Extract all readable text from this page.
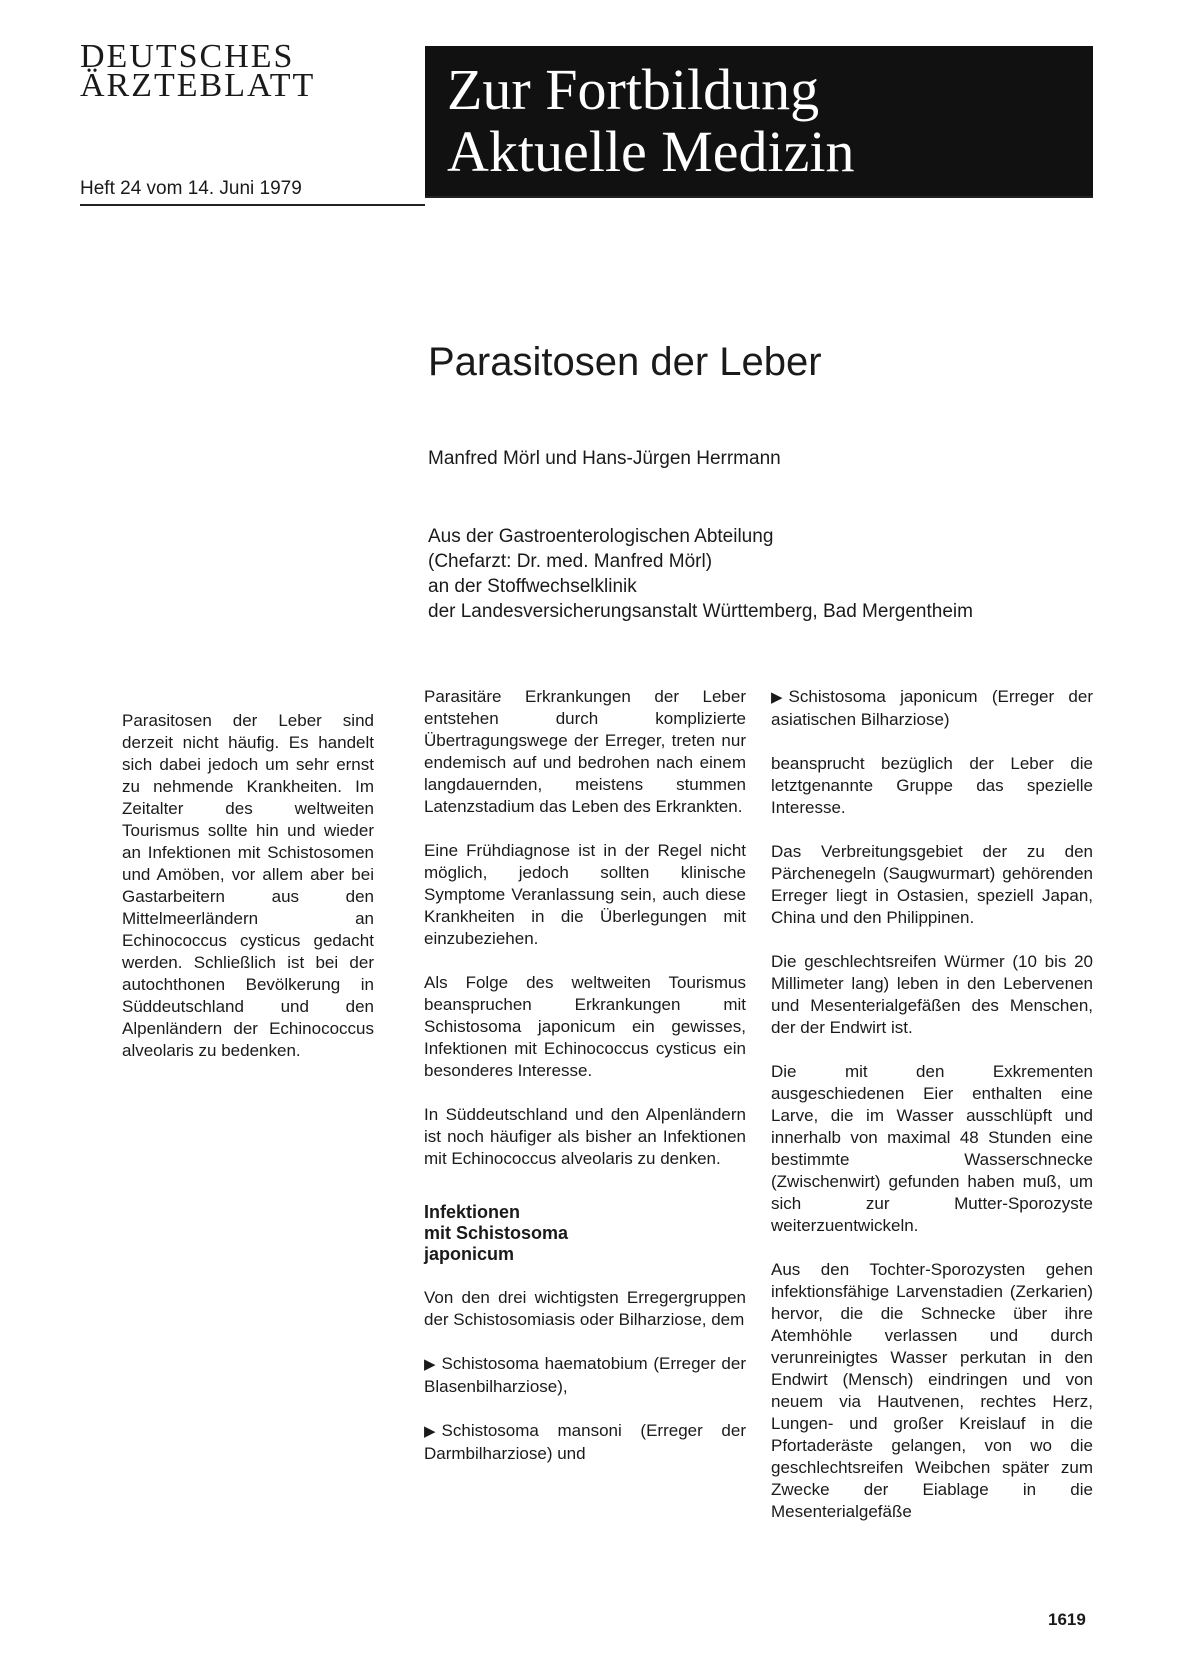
DEUTSCHES
ÄRZTEBLATT
Heft 24 vom 14. Juni 1979
Zur Fortbildung
Aktuelle Medizin
Parasitosen der Leber
Manfred Mörl und Hans-Jürgen Herrmann
Aus der Gastroenterologischen Abteilung
(Chefarzt: Dr. med. Manfred Mörl)
an der Stoffwechselklinik
der Landesversicherungsanstalt Württemberg, Bad Mergentheim

Parasitosen der Leber sind derzeit nicht häufig. Es handelt sich dabei jedoch um sehr ernst zu nehmende Krankheiten. Im Zeitalter des weltweiten Tourismus sollte hin und wieder an Infektionen mit Schistosomen und Amöben, vor allem aber bei Gastarbeitern aus den Mittelmeerländern an Echinococcus cysticus gedacht werden. Schließlich ist bei der autochthonen Bevölkerung in Süddeutschland und den Alpenländern der Echinococcus alveolaris zu bedenken.

Parasitäre Erkrankungen der Leber entstehen durch komplizierte Übertragungswege der Erreger, treten nur endemisch auf und bedrohen nach einem langdauernden, meistens stummen Latenzstadium das Leben des Erkrankten.

Eine Frühdiagnose ist in der Regel nicht möglich, jedoch sollten klinische Symptome Veranlassung sein, auch diese Krankheiten in die Überlegungen mit einzubeziehen.

Als Folge des weltweiten Tourismus beanspruchen Erkrankungen mit Schistosoma japonicum ein gewisses, Infektionen mit Echinococcus cysticus ein besonderes Interesse.

In Süddeutschland und den Alpenländern ist noch häufiger als bisher an Infektionen mit Echinococcus alveolaris zu denken.

Infektionen
mit Schistosoma
japonicum

Von den drei wichtigsten Erregergruppen der Schistosomiasis oder Bilharziose, dem

▶ Schistosoma haematobium (Erreger der Blasenbilharziose),

▶ Schistosoma mansoni (Erreger der Darmbilharziose) und

▶ Schistosoma japonicum (Erreger der asiatischen Bilharziose)

beansprucht bezüglich der Leber die letztgenannte Gruppe das spezielle Interesse.

Das Verbreitungsgebiet der zu den Pärchenegeln (Saugwurmart) gehörenden Erreger liegt in Ostasien, speziell Japan, China und den Philippinen.

Die geschlechtsreifen Würmer (10 bis 20 Millimeter lang) leben in den Lebervenen und Mesenterialgefäßen des Menschen, der der Endwirt ist.

Die mit den Exkrementen ausgeschiedenen Eier enthalten eine Larve, die im Wasser ausschlüpft und innerhalb von maximal 48 Stunden eine bestimmte Wasserschnecke (Zwischenwirt) gefunden haben muß, um sich zur Mutter-Sporozyste weiterzuentwickeln.

Aus den Tochter-Sporozysten gehen infektionsfähige Larvenstadien (Zerkarien) hervor, die die Schnecke über ihre Atemhöhle verlassen und durch verunreinigtes Wasser perkutan in den Endwirt (Mensch) eindringen und von neuem via Hautvenen, rechtes Herz, Lungen- und großer Kreislauf in die Pfortaderäste gelangen, von wo die geschlechtsreifen Weibchen später zum Zwecke der Eiablage in die Mesenterialgefäße

1619
